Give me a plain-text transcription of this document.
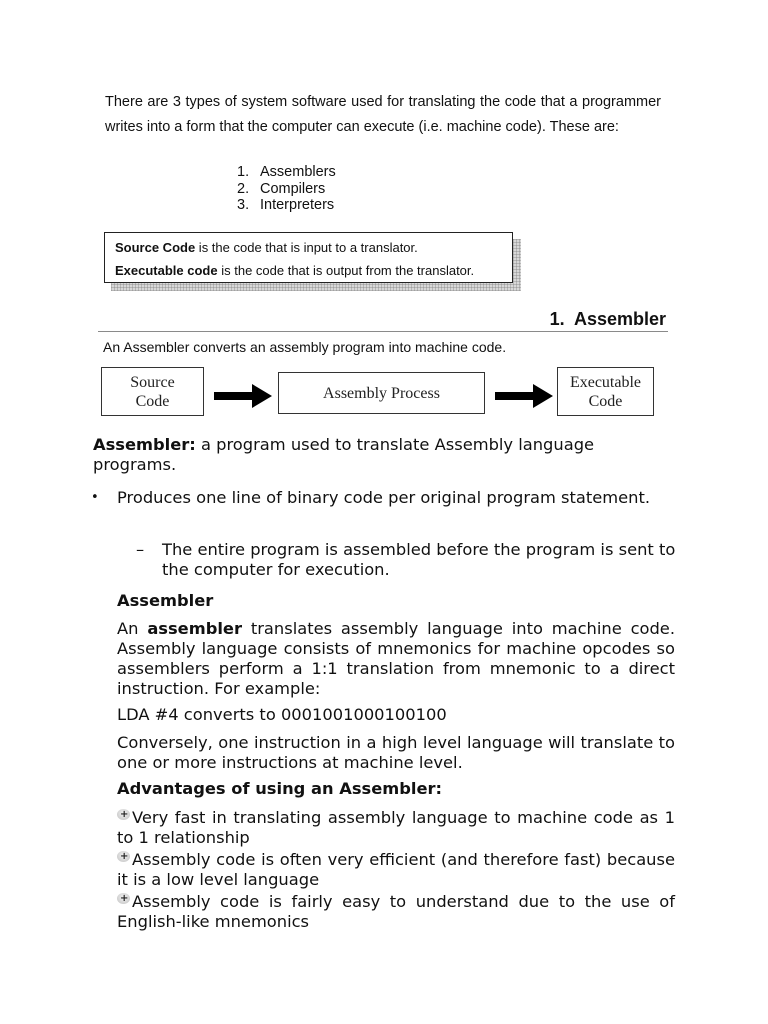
There are 3 types of system software used for translating the code that a programmer writes into a form that the computer can execute (i.e. machine code). These are:

1. Assemblers
2. Compilers
3. Interpreters
Source Code is the code that is input to a translator.
Executable code is the code that is output from the translator.
1.  Assembler
An Assembler converts an assembly program into machine code.
Source
Code	Assembly Process
Executable
Code
Assembler: a program used to translate Assembly language programs.
• Produces one line of binary code per original program statement.
– The entire program is assembled before the program is sent to the computer for execution.
Assembler
An assembler translates assembly language into machine code. Assembly language consists of mnemonics for machine opcodes so assemblers perform a 1:1 translation from mnemonic to a direct instruction. For example:
LDA #4 converts to 0001001000100100
Conversely, one instruction in a high level language will translate to one or more instructions at machine level.
Advantages of using an Assembler:
+Very fast in translating assembly language to machine code as 1 to 1 relationship
+Assembly code is often very efficient (and therefore fast) because it is a low level language
+Assembly code is fairly easy to understand due to the use of English-like mnemonics
